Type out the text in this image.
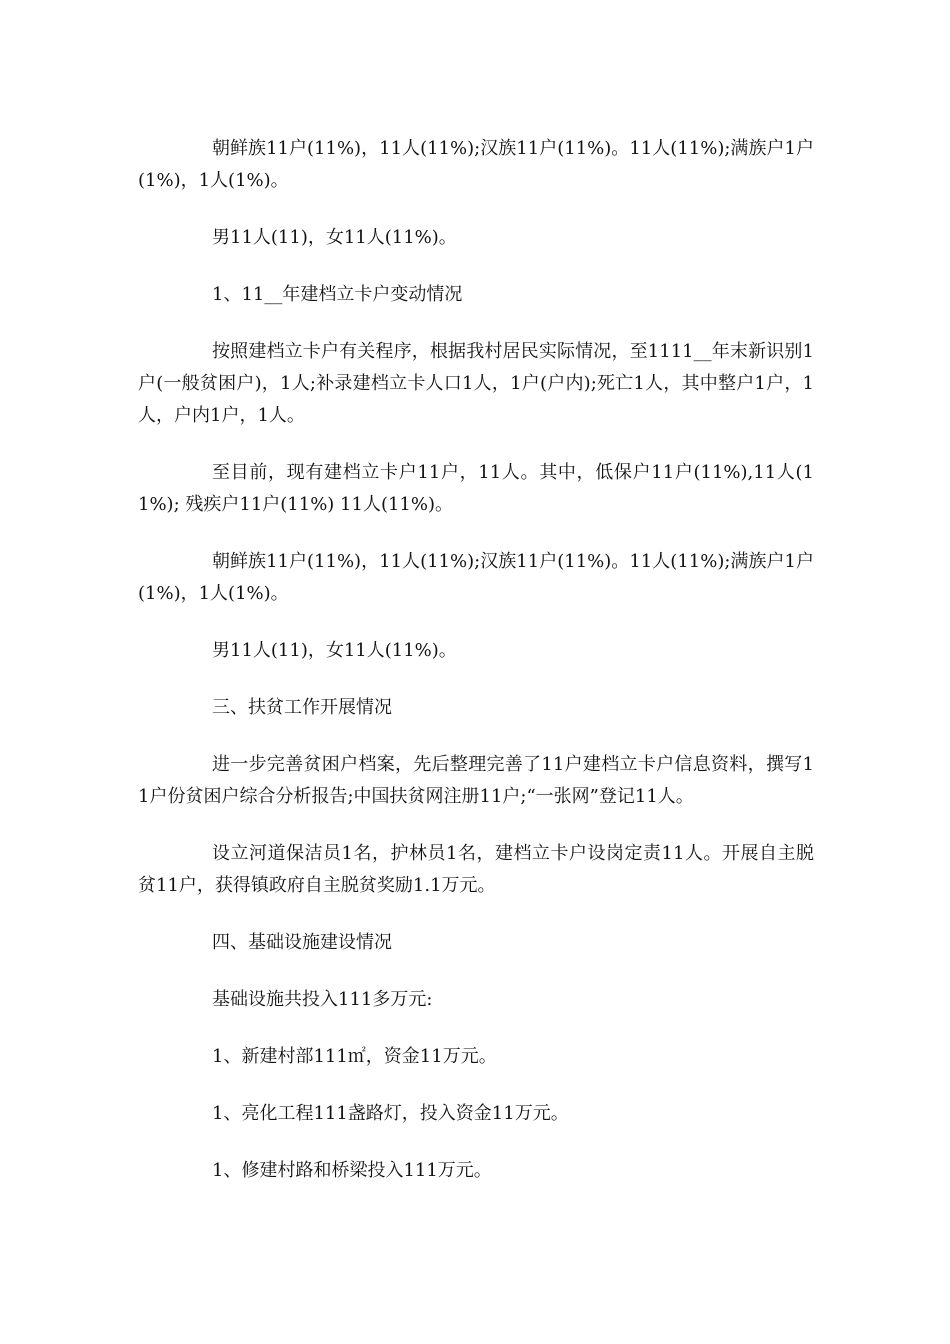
朝鲜族11户(11%)，11人(11%);汉族11户(11%)。11人(11%);满族户1户(1%)，1人(1%)。

男11人(11)，女11人(11%)。

1、11__年建档立卡户变动情况

按照建档立卡户有关程序，根据我村居民实际情况，至1111__年末新识别1户(一般贫困户)，1人;补录建档立卡人口1人，1户(户内);死亡1人，其中整户1户，1人，户内1户，1人。

至目前，现有建档立卡户11户，11人。其中，低保户11户(11%),11人(11%); 残疾户11户(11%) 11人(11%)。

朝鲜族11户(11%)，11人(11%);汉族11户(11%)。11人(11%);满族户1户(1%)，1人(1%)。

男11人(11)，女11人(11%)。

三、扶贫工作开展情况

进一步完善贫困户档案，先后整理完善了11户建档立卡户信息资料，撰写11户份贫困户综合分析报告;中国扶贫网注册11户;“一张网”登记11人。

设立河道保洁员1名，护林员1名，建档立卡户设岗定责11人。开展自主脱贫11户，获得镇政府自主脱贫奖励1.1万元。

四、基础设施建设情况

基础设施共投入111多万元:

1、新建村部111㎡，资金11万元。

1、亮化工程111盏路灯，投入资金11万元。

1、修建村路和桥梁投入111万元。
